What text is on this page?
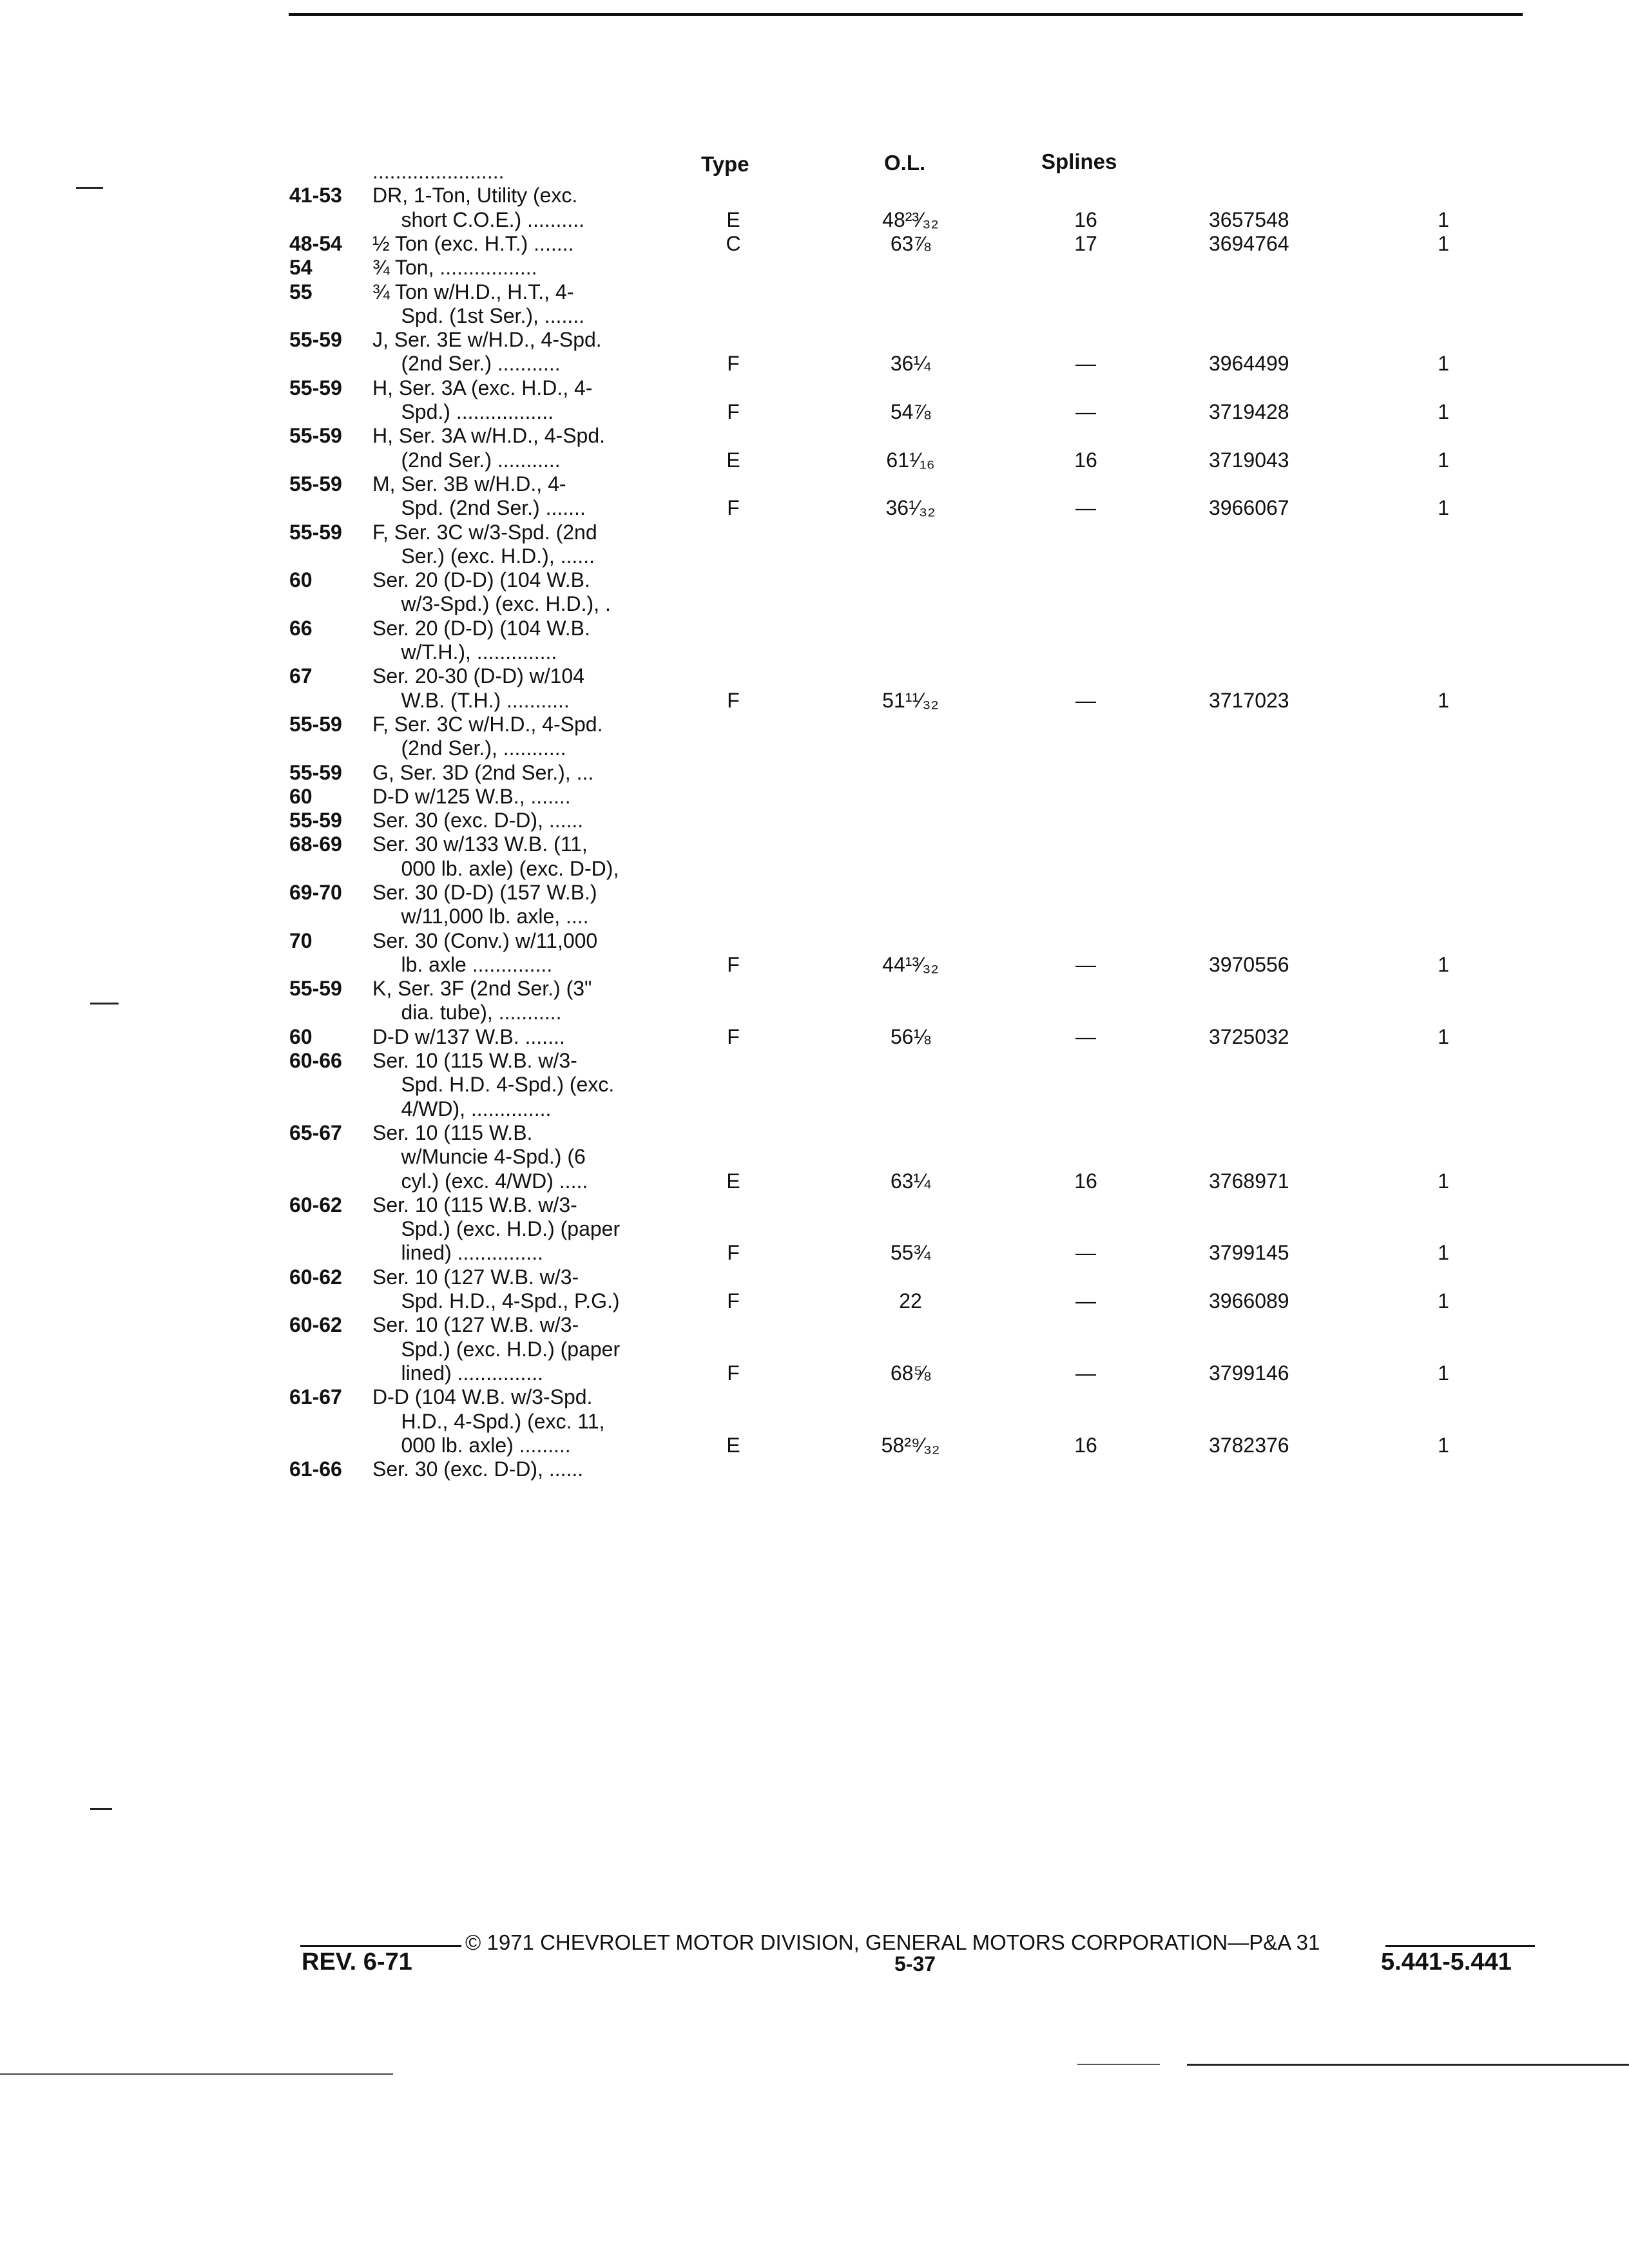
Type	O.L.	Splines
.......................
41-53 DR, 1-Ton, Utility (exc.
short C.O.E.) ..........	E	48²³⁄₃₂	16	3657548	1
48-54 ½ Ton (exc. H.T.) .......	C	63⅞	17	3694764	1
54	¾ Ton, .................
55	¾ Ton w/H.D., H.T., 4-
Spd. (1st Ser.), .......
55-59 J, Ser. 3E w/H.D., 4-Spd.
(2nd Ser.) ...........	F	36¼	—	3964499	1
55-59 H, Ser. 3A (exc. H.D., 4-
Spd.) .................	F	54⅞	—	3719428	1
55-59 H, Ser. 3A w/H.D., 4-Spd.
(2nd Ser.) ...........	E	61¹⁄₁₆	16	3719043	1
55-59 M, Ser. 3B w/H.D., 4-
Spd. (2nd Ser.) .......	F	36¹⁄₃₂	—	3966067	1
55-59 F, Ser. 3C w/3-Spd. (2nd
Ser.) (exc. H.D.), ......
60	Ser. 20 (D-D) (104 W.B.
w/3-Spd.) (exc. H.D.), .
66	Ser. 20 (D-D) (104 W.B.
w/T.H.), ..............
67	Ser. 20-30 (D-D) w/104
W.B. (T.H.) ...........	F	51¹¹⁄₃₂	—	3717023	1
55-59 F, Ser. 3C w/H.D., 4-Spd.
(2nd Ser.), ...........
55-59 G, Ser. 3D (2nd Ser.), ...
60	D-D w/125 W.B., .......
55-59 Ser. 30 (exc. D-D), ......
68-69 Ser. 30 w/133 W.B. (11,
000 lb. axle) (exc. D-D),
69-70 Ser. 30 (D-D) (157 W.B.)
w/11,000 lb. axle, ....
70	Ser. 30 (Conv.) w/11,000
lb. axle ..............	F	44¹³⁄₃₂	—	3970556	1
55-59 K, Ser. 3F (2nd Ser.) (3"
dia. tube), ...........
60	D-D w/137 W.B. .......	F	56⅛	—	3725032	1
60-66 Ser. 10 (115 W.B. w/3-
Spd. H.D. 4-Spd.) (exc.
4/WD), ..............
65-67 Ser. 10 (115 W.B.
w/Muncie 4-Spd.) (6
cyl.) (exc. 4/WD) .....	E	63¼	16	3768971	1
60-62 Ser. 10 (115 W.B. w/3-
Spd.) (exc. H.D.) (paper
lined) ...............	F	55¾	—	3799145	1
60-62 Ser. 10 (127 W.B. w/3-
Spd. H.D., 4-Spd., P.G.)	F	22	—	3966089	1
60-62 Ser. 10 (127 W.B. w/3-
Spd.) (exc. H.D.) (paper
lined) ...............	F	68⅝	—	3799146	1
61-67 D-D (104 W.B. w/3-Spd.
H.D., 4-Spd.) (exc. 11,
000 lb. axle) .........	E	58²⁹⁄₃₂	16	3782376	1
61-66 Ser. 30 (exc. D-D), ......
© 1971 CHEVROLET MOTOR DIVISION, GENERAL MOTORS CORPORATION—P&A 31
REV. 6-71	5-37	5.441-5.441
